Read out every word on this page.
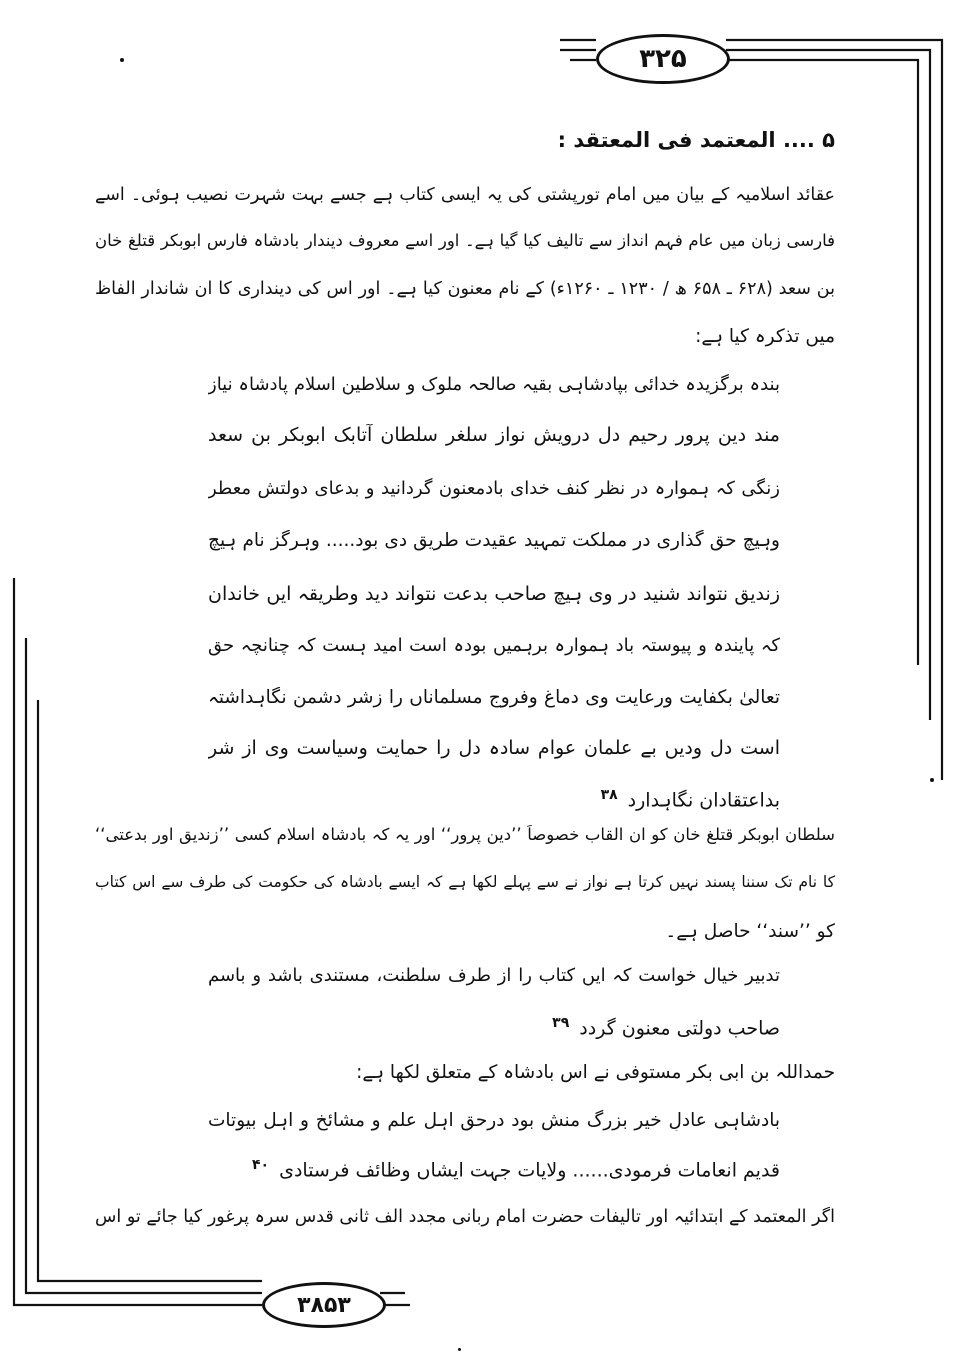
۳۲۵
۳۸۵۳
۵ .... المعتمد فی المعتقد :
عقائد اسلامیہ کے بیان میں امام تورپشتی کی یہ ایسی کتاب ہے جسے بہت شہرت نصیب ہوئی۔ اسے
فارسی زبان میں عام فہم انداز سے تالیف کیا گیا ہے۔ اور اسے معروف دیندار بادشاہ فارس ابوبکر قتلغ خان
بن سعد (۶۲۸ ـ ۶۵۸ ھ / ۱۲۳۰ ـ ۱۲۶۰ء) کے نام معنون کیا ہے۔ اور اس کی دینداری کا ان شاندار الفاظ
میں تذکرہ کیا ہے:
بندہ برگزیدہ خدائی بپادشاہی بقیہ صالحہ ملوک و سلاطین اسلام پادشاہ نیاز
مند دین پرور رحیم دل درویش نواز سلغر سلطان آتابک ابوبکر بن سعد
زنگی کہ ہموارہ در نظر کنف خدای بادمعنون گردانید و بدعای دولتش معطر
وہیچ حق گذاری در مملکت تمہید عقیدت طریق دی بود..... وہرگز نام ہیچ
زندیق نتواند شنید در وی ہیچ صاحب بدعت نتواند دید وطریقہ ایں خاندان
کہ پایندہ و پیوستہ باد ہموارہ برہمیں بودہ است امید ہست کہ چنانچہ حق
تعالیٰ بکفایت ورعایت وی دماغ وفروج مسلماناں را زشر دشمن نگاہداشتہ
است دل ودیں بے علمان عوام سادہ دل را حمایت وسیاست وی از شرِ
بداعتقادان نگاہدارد$^{۳۸}$
سلطان ابوبکر قتلغ خان کو ان القاب خصوصاً ’’دین پرور‘‘ اور یہ کہ بادشاہ اسلام کسی ’’زندیق اور بدعتی‘‘
کا نام تک سننا پسند نہیں کرتا ہے نواز نے سے پہلے لکھا ہے کہ ایسے بادشاہ کی حکومت کی طرف سے اس کتاب
کو ’’سند‘‘ حاصل ہے۔
تدبیر خیال خواست کہ ایں کتاب را از طرف سلطنت، مستندی باشد و باسم
صاحب دولتی معنون گردد$^{۳۹}$
حمداللہ بن ابی بکر مستوفی نے اس بادشاہ کے متعلق لکھا ہے:
بادشاہی عادلِ خیر بزرگ منش بود درحق اہل علم و مشائخ و اہل بیوتات
قدیم انعامات فرمودی...... ولایات جہت ایشاں وظائف فرستادی$^{۴۰}$
اگر المعتمد کے ابتدائیہ اور تالیفات حضرت امام ربانی مجدد الف ثانی قدس سرہ پرغور کیا جائے تو اس
